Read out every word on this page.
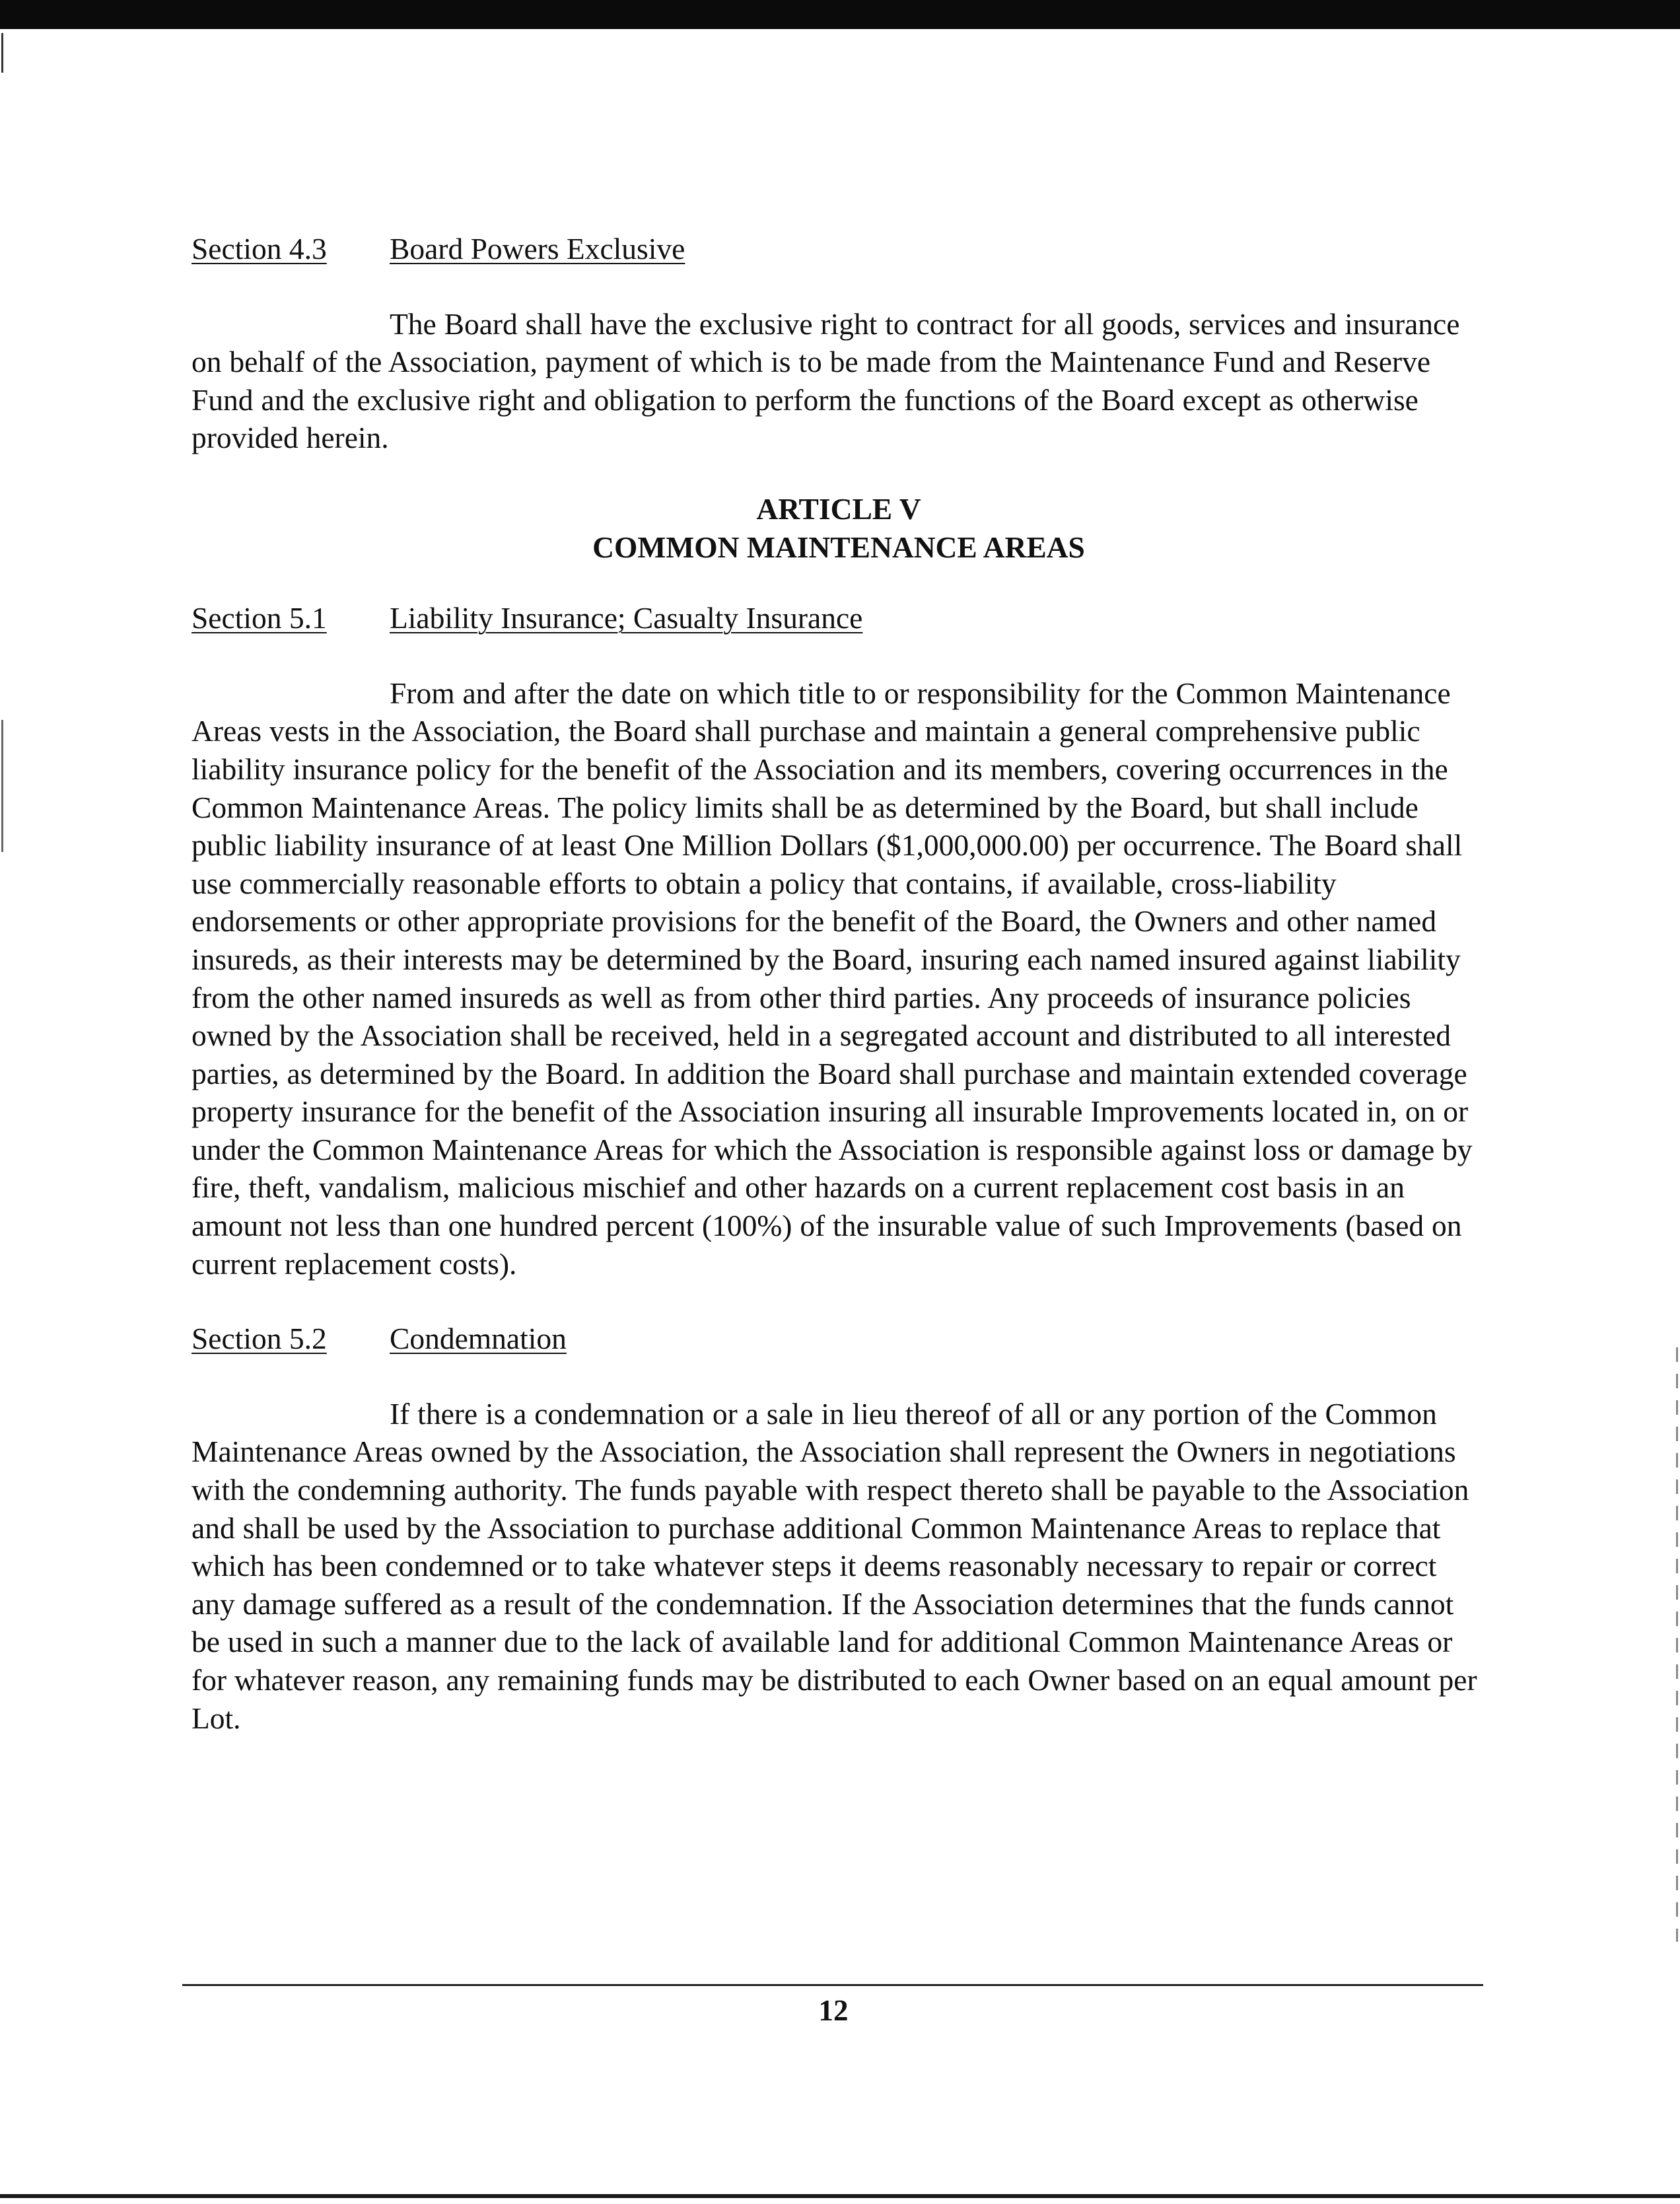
Section 4.3	Board Powers Exclusive

The Board shall have the exclusive right to contract for all goods, services and insurance on behalf of the Association, payment of which is to be made from the Maintenance Fund and Reserve Fund and the exclusive right and obligation to perform the functions of the Board except as otherwise provided herein.

ARTICLE V
COMMON MAINTENANCE AREAS
Section 5.1	Liability Insurance; Casualty Insurance

From and after the date on which title to or responsibility for the Common Maintenance Areas vests in the Association, the Board shall purchase and maintain a general comprehensive public liability insurance policy for the benefit of the Association and its members, covering occurrences in the Common Maintenance Areas. The policy limits shall be as determined by the Board, but shall include public liability insurance of at least One Million Dollars ($1,000,000.00) per occurrence. The Board shall use commercially reasonable efforts to obtain a policy that contains, if available, cross-liability endorsements or other appropriate provisions for the benefit of the Board, the Owners and other named insureds, as their interests may be determined by the Board, insuring each named insured against liability from the other named insureds as well as from other third parties. Any proceeds of insurance policies owned by the Association shall be received, held in a segregated account and distributed to all interested parties, as determined by the Board. In addition the Board shall purchase and maintain extended coverage property insurance for the benefit of the Association insuring all insurable Improvements located in, on or under the Common Maintenance Areas for which the Association is responsible against loss or damage by fire, theft, vandalism, malicious mischief and other hazards on a current replacement cost basis in an amount not less than one hundred percent (100%) of the insurable value of such Improvements (based on current replacement costs).

Section 5.2	Condemnation

If there is a condemnation or a sale in lieu thereof of all or any portion of the Common Maintenance Areas owned by the Association, the Association shall represent the Owners in negotiations with the condemning authority. The funds payable with respect thereto shall be payable to the Association and shall be used by the Association to purchase additional Common Maintenance Areas to replace that which has been condemned or to take whatever steps it deems reasonably necessary to repair or correct any damage suffered as a result of the condemnation. If the Association determines that the funds cannot be used in such a manner due to the lack of available land for additional Common Maintenance Areas or for whatever reason, any remaining funds may be distributed to each Owner based on an equal amount per Lot.

12
